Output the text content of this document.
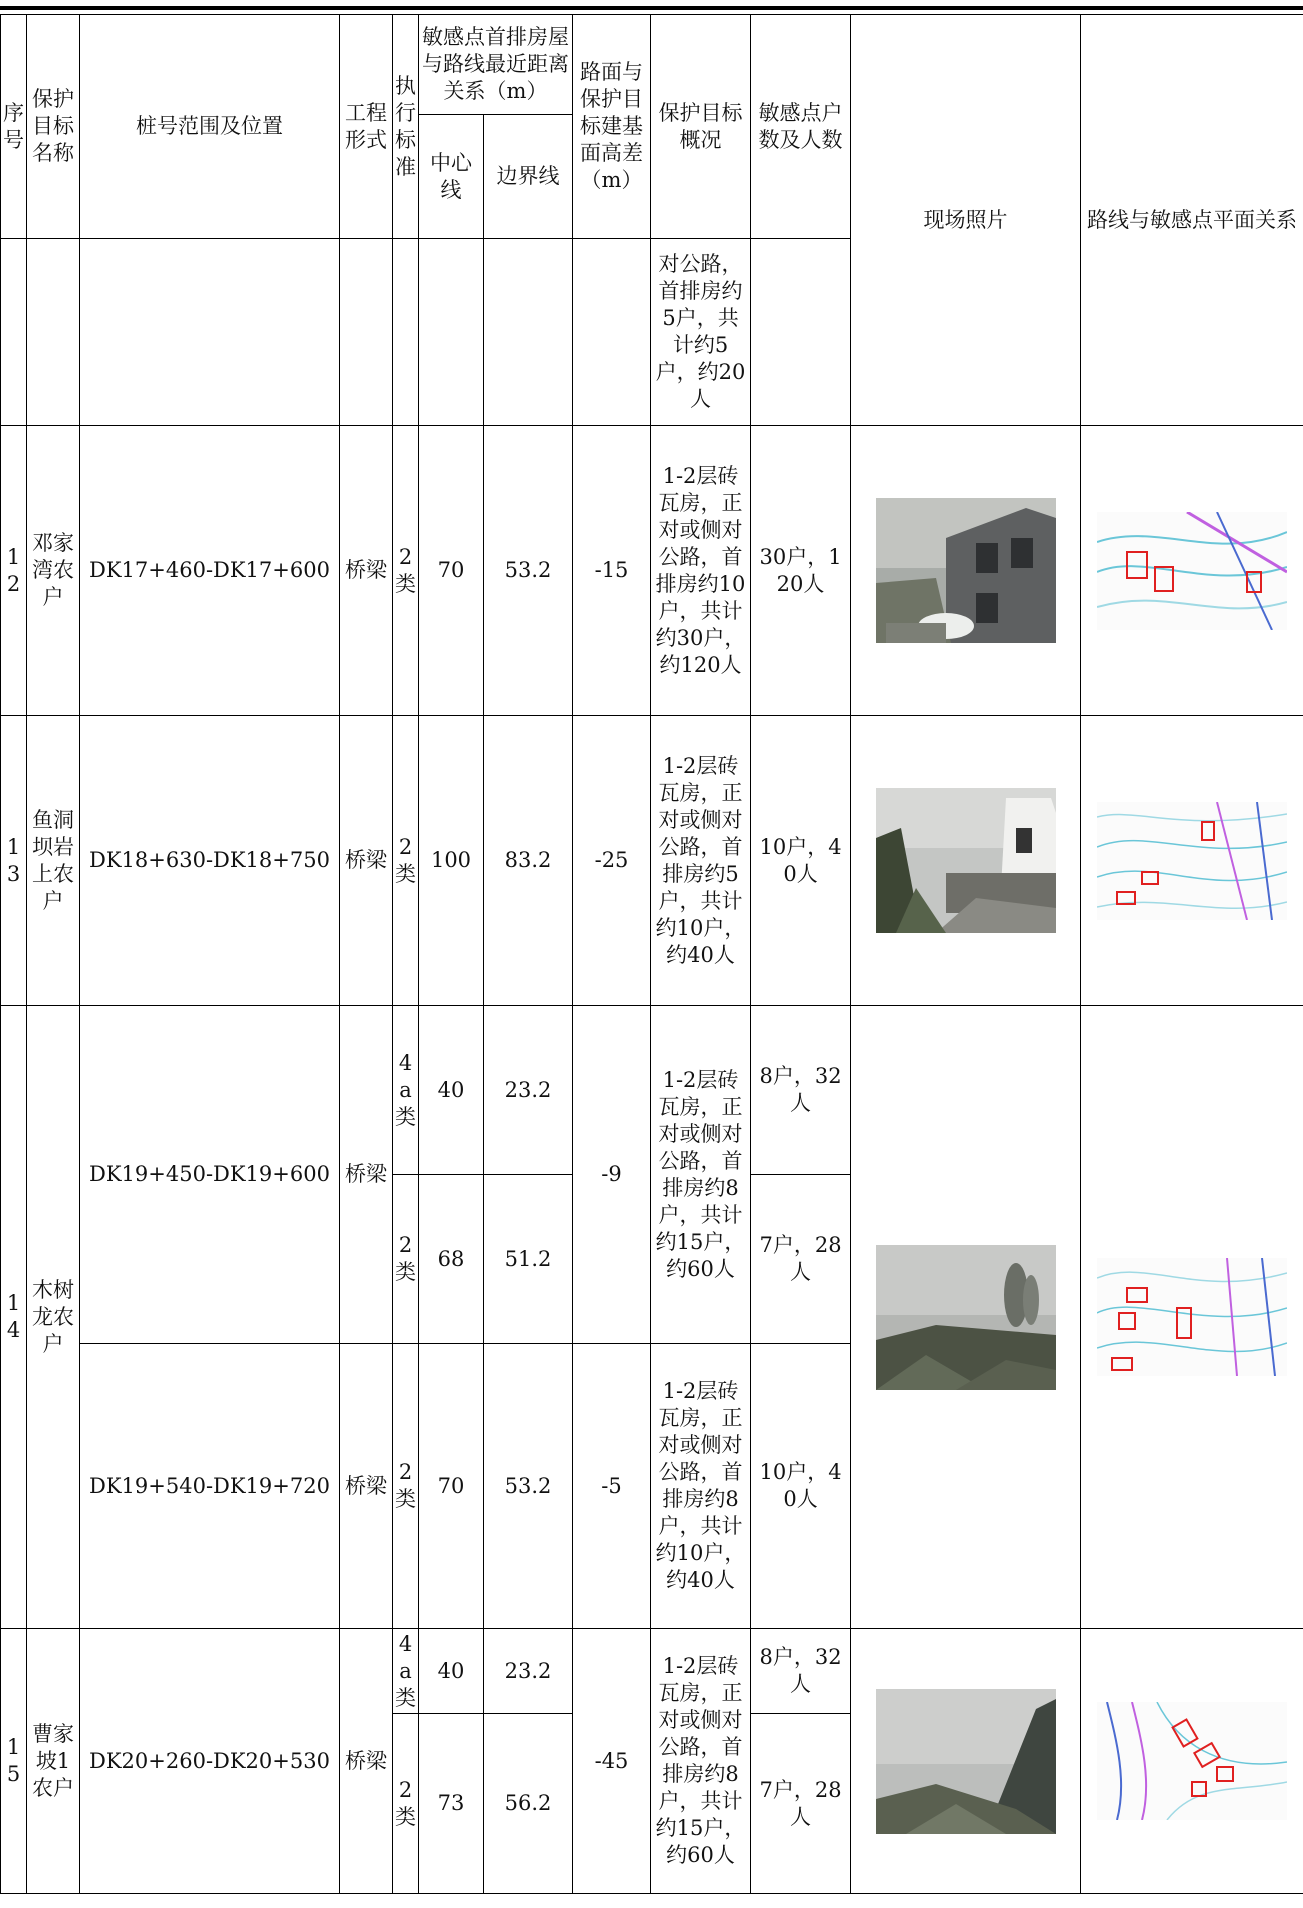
序号	保护目标名称	桩号范围及位置	工程形式	执行标准	敏感点首排房屋与路线最近距离关系（m）		路面与保护目标建基面高差（m）	保护目标概况	敏感点户数及人数	现场照片	路线与敏感点平面关系
					中心线	边界线					
								对公路，首排房约5户，共计约5户，约20人			
12	邓家湾农户	DK17+460-DK17+600	桥梁	2类	70	53.2	-15	1-2层砖瓦房，正对或侧对公路，首排房约10户，共计约30户，约120人	30户，120人	

13	鱼洞坝岩上农户	DK18+630-DK18+750	桥梁	2类	100	83.2	-25	1-2层砖瓦房，正对或侧对公路，首排房约5户，共计约10户，约40人	10户，40人	

14	木树龙农户	DK19+450-DK19+600	桥梁	4a类	40	23.2	-9	1-2层砖瓦房，正对或侧对公路，首排房约8户，共计约15户，约60人	8户，32人	

				2类	68	51.2			7户，28人		
		DK19+540-DK19+720	桥梁	2类	70	53.2	-5	1-2层砖瓦房，正对或侧对公路，首排房约8户，共计约10户，约40人	10户，40人		

15	曹家坡1农户	DK20+260-DK20+530	桥梁	4a类	40	23.2	-45	1-2层砖瓦房，正对或侧对公路，首排房约8户，共计约15户，约60人	8户，32人	

				2类	73	56.2			7户，28人		
